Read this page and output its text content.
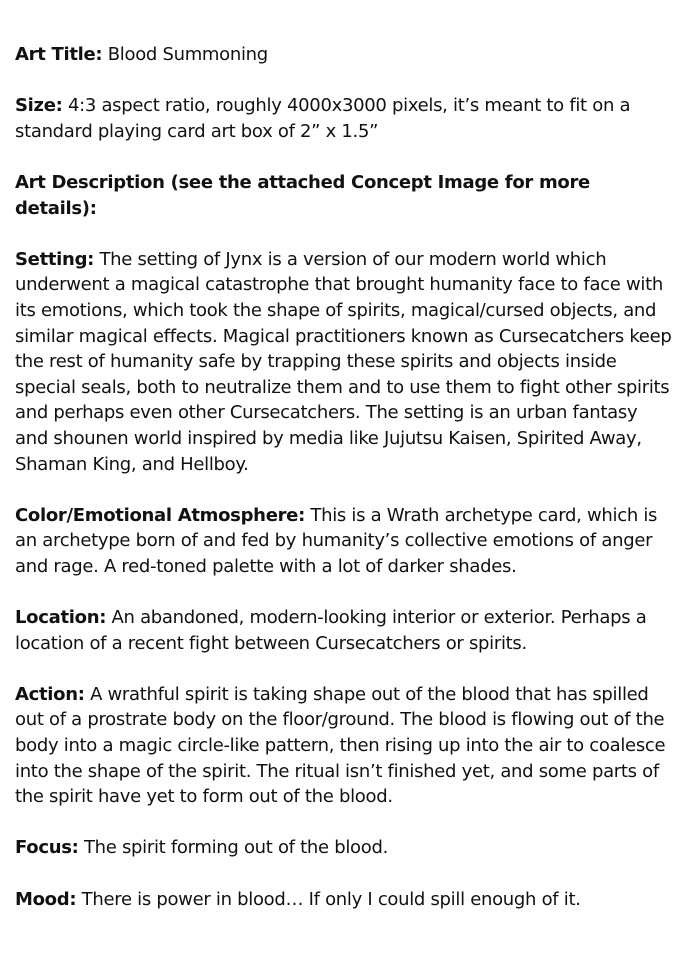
Art Title: Blood Summoning

Size: 4:3 aspect ratio, roughly 4000x3000 pixels, it’s meant to fit on a standard playing card art box of 2” x 1.5”

Art Description (see the attached Concept Image for more details):

Setting: The setting of Jynx is a version of our modern world which underwent a magical catastrophe that brought humanity face to face with its emotions, which took the shape of spirits, magical/cursed objects, and similar magical effects. Magical practitioners known as Cursecatchers keep the rest of humanity safe by trapping these spirits and objects inside special seals, both to neutralize them and to use them to fight other spirits and perhaps even other Cursecatchers. The setting is an urban fantasy and shounen world inspired by media like Jujutsu Kaisen, Spirited Away, Shaman King, and Hellboy.

Color/Emotional Atmosphere: This is a Wrath archetype card, which is an archetype born of and fed by humanity’s collective emotions of anger and rage. A red-toned palette with a lot of darker shades.

Location: An abandoned, modern-looking interior or exterior. Perhaps a location of a recent fight between Cursecatchers or spirits.

Action: A wrathful spirit is taking shape out of the blood that has spilled out of a prostrate body on the floor/ground. The blood is flowing out of the body into a magic circle-like pattern, then rising up into the air to coalesce into the shape of the spirit. The ritual isn’t finished yet, and some parts of the spirit have yet to form out of the blood.

Focus: The spirit forming out of the blood.

Mood: There is power in blood… If only I could spill enough of it.
